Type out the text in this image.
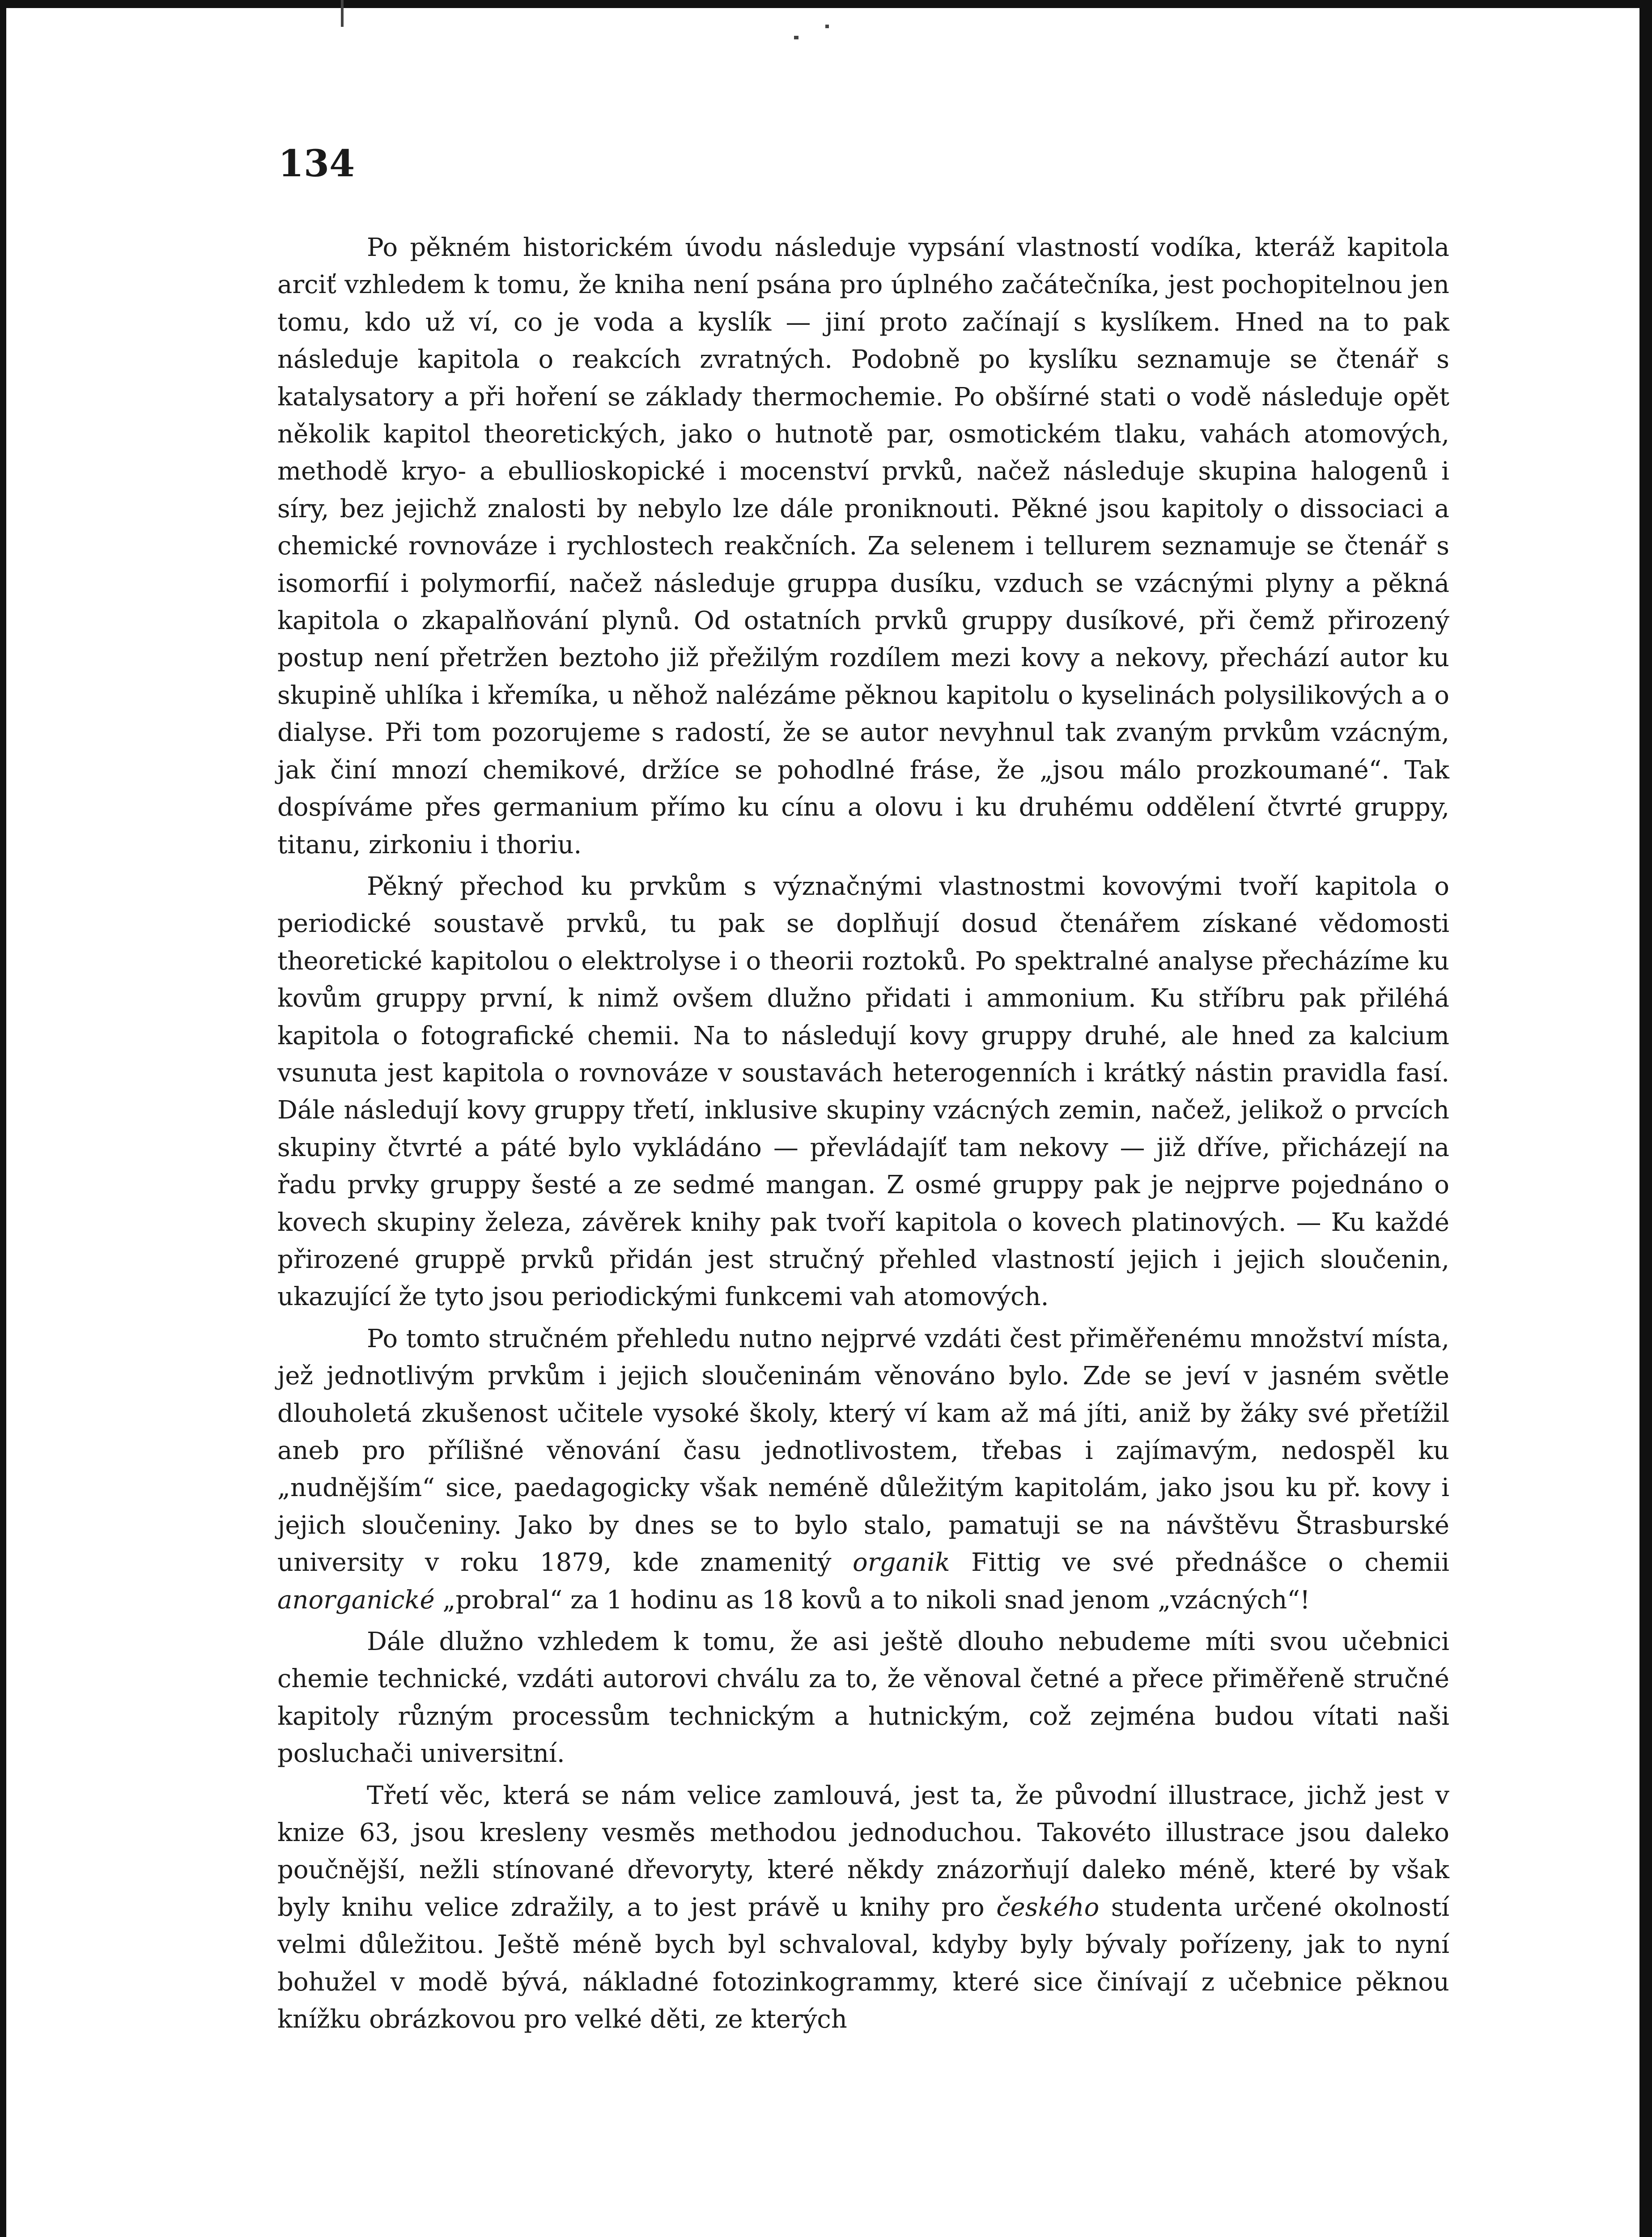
134

Po pěkném historickém úvodu následuje vypsání vlastností vodíka, kteráž kapitola arciť vzhledem k tomu, že kniha není psána pro úplného začátečníka, jest pochopitelnou jen tomu, kdo už ví, co je voda a kyslík — jiní proto začínají s kyslíkem. Hned na to pak následuje kapitola o reakcích zvratných. Podobně po kyslíku seznamuje se čtenář s katalysatory a při hoření se základy thermochemie. Po obšírné stati o vodě následuje opět několik kapitol theoretických, jako o hutnotě par, osmotickém tlaku, vahách atomových, methodě kryo- a ebullioskopické i mocenství prvků, načež následuje skupina halogenů i síry, bez jejichž znalosti by nebylo lze dále proniknouti. Pěkné jsou kapitoly o dissociaci a chemické rovnováze i rychlostech reakčních. Za selenem i tellurem seznamuje se čtenář s isomorfií i polymorfií, načež následuje gruppa dusíku, vzduch se vzácnými plyny a pěkná kapitola o zkapalňování plynů. Od ostatních prvků gruppy dusíkové, při čemž přirozený postup není přetržen beztoho již přežilým rozdílem mezi kovy a nekovy, přechází autor ku skupině uhlíka i křemíka, u něhož nalézáme pěknou kapitolu o kyselinách polysilikových a o dialyse. Při tom pozorujeme s radostí, že se autor nevyhnul tak zvaným prvkům vzácným, jak činí mnozí chemikové, držíce se pohodlné fráse, že „jsou málo prozkoumané“. Tak dospíváme přes germanium přímo ku cínu a olovu i ku druhému oddělení čtvrté gruppy, titanu, zirkoniu i thoriu.

Pěkný přechod ku prvkům s význačnými vlastnostmi kovovými tvoří kapitola o periodické soustavě prvků, tu pak se doplňují dosud čtenářem získané vědomosti theoretické kapitolou o elektrolyse i o theorii roztoků. Po spektralné analyse přecházíme ku kovům gruppy první, k nimž ovšem dlužno přidati i ammonium. Ku stříbru pak přiléhá kapitola o fotografické chemii. Na to následují kovy gruppy druhé, ale hned za kalcium vsunuta jest kapitola o rovnováze v soustavách heterogenních i krátký nástin pravidla fasí. Dále následují kovy gruppy třetí, inklusive skupiny vzácných zemin, načež, jelikož o prvcích skupiny čtvrté a páté bylo vykládáno — převládajíť tam nekovy — již dříve, přicházejí na řadu prvky gruppy šesté a ze sedmé mangan. Z osmé gruppy pak je nejprve pojednáno o kovech skupiny železa, závěrek knihy pak tvoří kapitola o kovech platinových. — Ku každé přirozené gruppě prvků přidán jest stručný přehled vlastností jejich i jejich sloučenin, ukazující že tyto jsou periodickými funkcemi vah atomových.

Po tomto stručném přehledu nutno nejprvé vzdáti čest přiměřenému množství místa, jež jednotlivým prvkům i jejich sloučeninám věnováno bylo. Zde se jeví v jasném světle dlouholetá zkušenost učitele vysoké školy, který ví kam až má jíti, aniž by žáky své přetížil aneb pro přílišné věnování času jednotlivostem, třebas i zajímavým, nedospěl ku „nudnějším“ sice, paedagogicky však neméně důležitým kapitolám, jako jsou ku př. kovy i jejich sloučeniny. Jako by dnes se to bylo stalo, pamatuji se na návštěvu Štrasburské university v roku 1879, kde znamenitý organik Fittig ve své přednášce o chemii anorganické „probral“ za 1 hodinu as 18 kovů a to nikoli snad jenom „vzácných“!

Dále dlužno vzhledem k tomu, že asi ještě dlouho nebudeme míti svou učebnici chemie technické, vzdáti autorovi chválu za to, že věnoval četné a přece přiměřeně stručné kapitoly různým processům technickým a hutnickým, což zejména budou vítati naši posluchači universitní.

Třetí věc, která se nám velice zamlouvá, jest ta, že původní illustrace, jichž jest v knize 63, jsou kresleny vesměs methodou jednoduchou. Takovéto illustrace jsou daleko poučnější, nežli stínované dřevoryty, které někdy znázorňují daleko méně, které by však byly knihu velice zdražily, a to jest právě u knihy pro českého studenta určené okolností velmi důležitou. Ještě méně bych byl schvaloval, kdyby byly bývaly pořízeny, jak to nyní bohužel v modě bývá, nákladné fotozinkogrammy, které sice činívají z učebnice pěknou knížku obrázkovou pro velké děti, ze kterých
